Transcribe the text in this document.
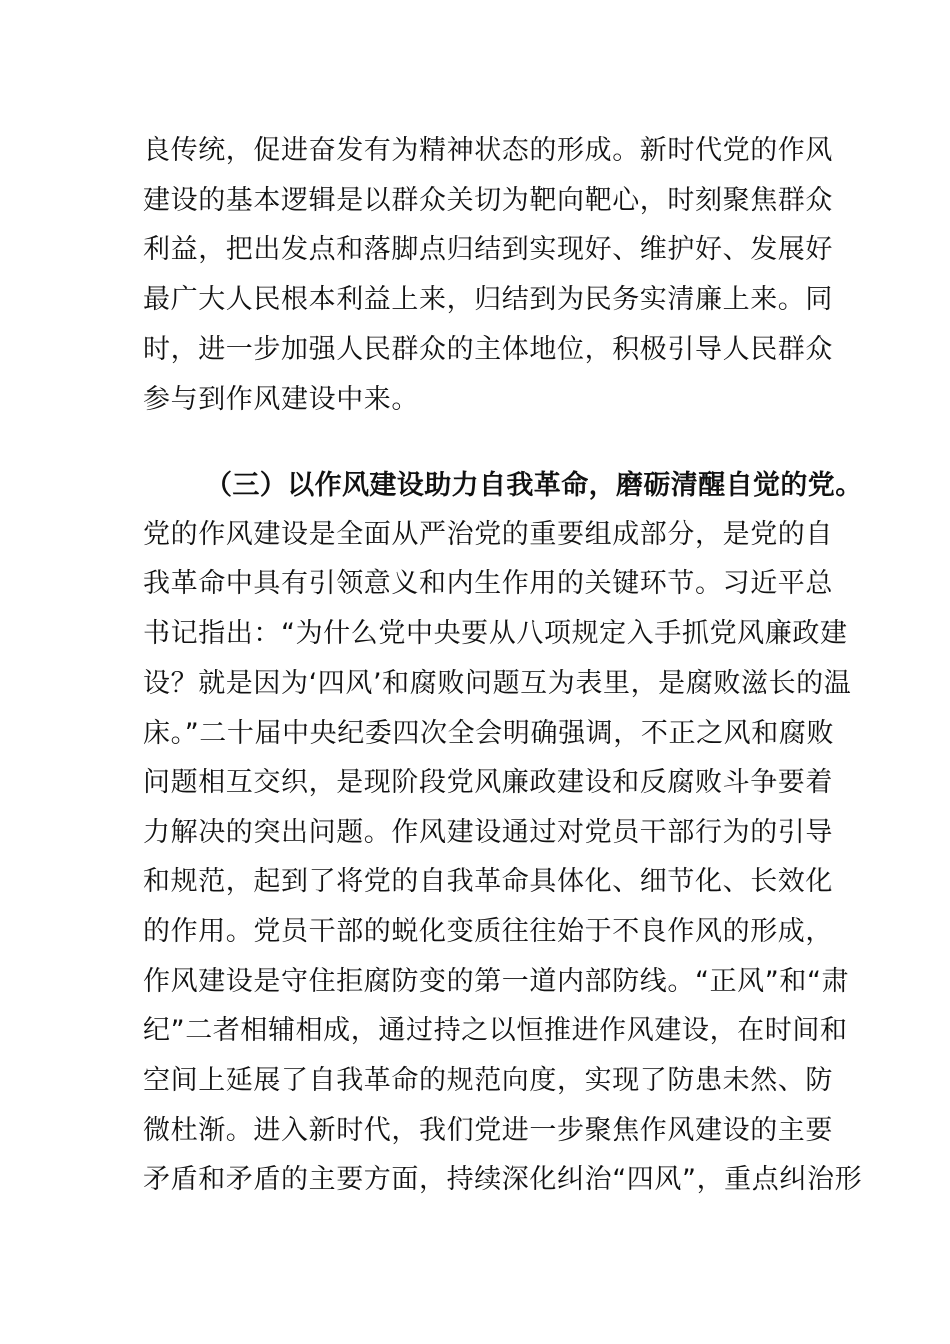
良传统，促进奋发有为精神状态的形成。新时代党的作风
建设的基本逻辑是以群众关切为靶向靶心，时刻聚焦群众
利益，把出发点和落脚点归结到实现好、维护好、发展好
最广大人民根本利益上来，归结到为民务实清廉上来。同
时，进一步加强人民群众的主体地位，积极引导人民群众
参与到作风建设中来。
（三）以作风建设助力自我革命，磨砺清醒自觉的党。
党的作风建设是全面从严治党的重要组成部分，是党的自
我革命中具有引领意义和内生作用的关键环节。习近平总
书记指出：“为什么党中央要从八项规定入手抓党风廉政建
设？就是因为‘四风’和腐败问题互为表里，是腐败滋长的温
床。”二十届中央纪委四次全会明确强调，不正之风和腐败
问题相互交织，是现阶段党风廉政建设和反腐败斗争要着
力解决的突出问题。作风建设通过对党员干部行为的引导
和规范，起到了将党的自我革命具体化、细节化、长效化
的作用。党员干部的蜕化变质往往始于不良作风的形成，
作风建设是守住拒腐防变的第一道内部防线。“正风”和“肃
纪”二者相辅相成，通过持之以恒推进作风建设，在时间和
空间上延展了自我革命的规范向度，实现了防患未然、防
微杜渐。进入新时代，我们党进一步聚焦作风建设的主要
矛盾和矛盾的主要方面，持续深化纠治“四风”，重点纠治形
